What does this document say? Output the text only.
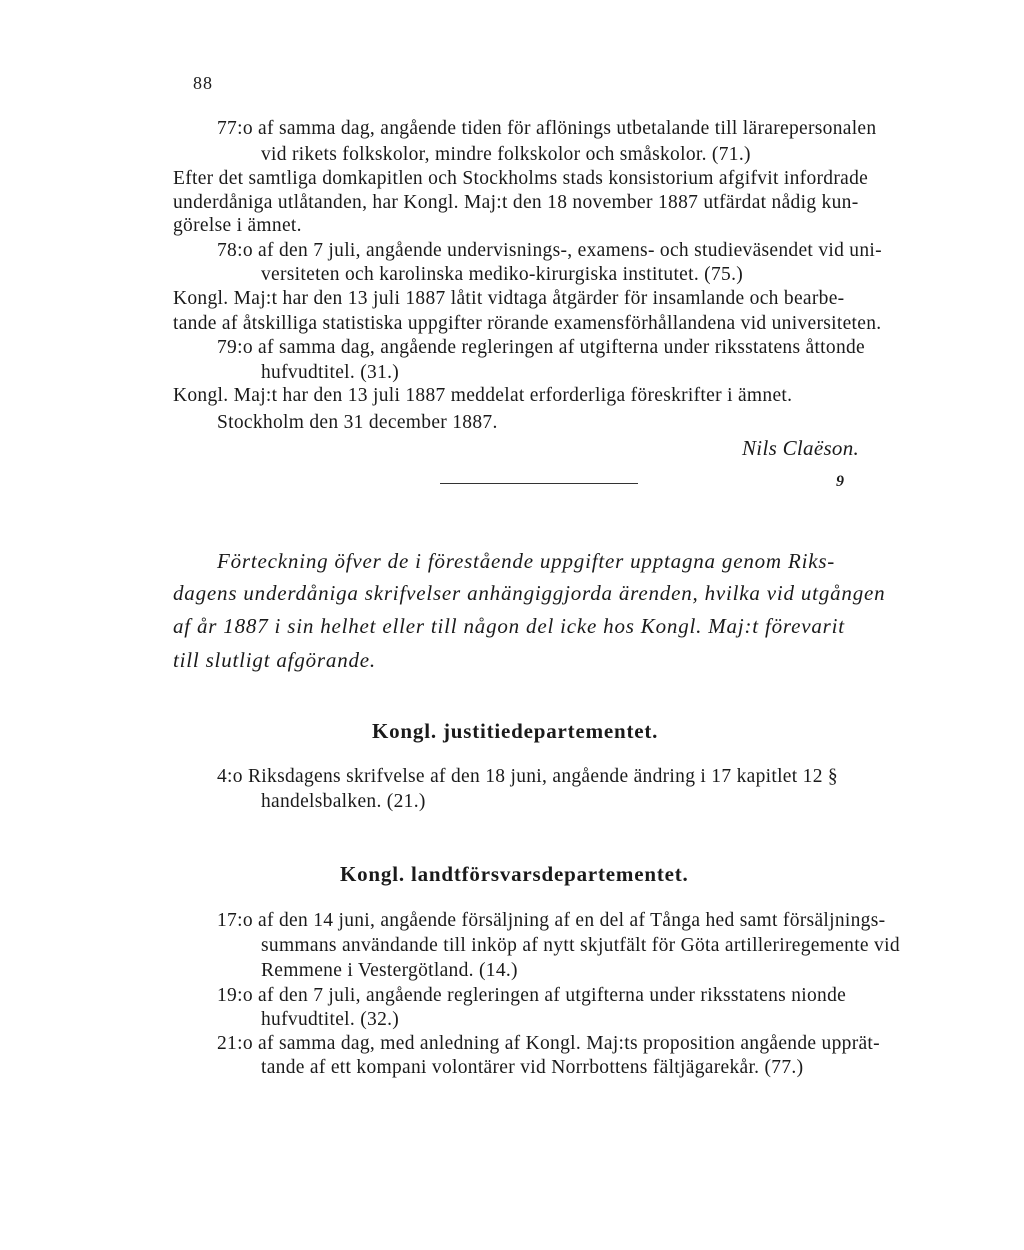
88
77:o af samma dag, angående tiden för aflönings utbetalande till lärarepersonalen
vid rikets folkskolor, mindre folkskolor och småskolor. (71.)
Efter det samtliga domkapitlen och Stockholms stads konsistorium afgifvit infordrade
underdåniga utlåtanden, har Kongl. Maj:t den 18 november 1887 utfärdat nådig kun-
görelse i ämnet.
78:o af den 7 juli, angående undervisnings-, examens- och studieväsendet vid uni-
versiteten och karolinska mediko-kirurgiska institutet. (75.)
Kongl. Maj:t har den 13 juli 1887 låtit vidtaga åtgärder för insamlande och bearbe-
tande af åtskilliga statistiska uppgifter rörande examensförhållandena vid universiteten.
79:o af samma dag, angående regleringen af utgifterna under riksstatens åttonde
hufvudtitel. (31.)
Kongl. Maj:t har den 13 juli 1887 meddelat erforderliga föreskrifter i ämnet.
Stockholm den 31 december 1887.
Nils Claëson.
9
Förteckning öfver de i förestående uppgifter upptagna genom Riks-
dagens underdåniga skrifvelser anhängiggjorda ärenden, hvilka vid utgången
af år 1887 i sin helhet eller till någon del icke hos Kongl. Maj:t förevarit
till slutligt afgörande.
Kongl. justitiedepartementet.
4:o Riksdagens skrifvelse af den 18 juni, angående ändring i 17 kapitlet 12 §
handelsbalken. (21.)
Kongl. landtförsvarsdepartementet.
17:o af den 14 juni, angående försäljning af en del af Tånga hed samt försäljnings-
summans användande till inköp af nytt skjutfält för Göta artilleriregemente vid
Remmene i Vestergötland. (14.)
19:o af den 7 juli, angående regleringen af utgifterna under riksstatens nionde
hufvudtitel. (32.)
21:o af samma dag, med anledning af Kongl. Maj:ts proposition angående upprät-
tande af ett kompani volontärer vid Norrbottens fältjägarekår. (77.)
